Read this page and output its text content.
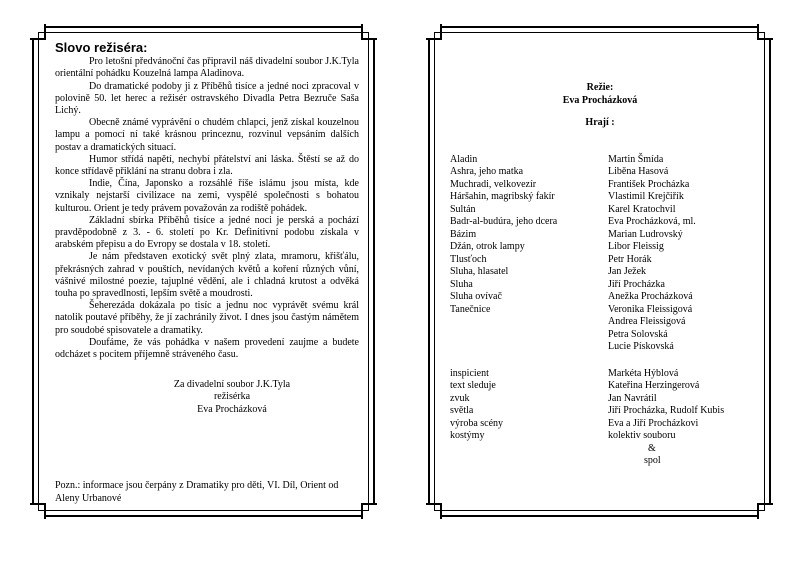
Slovo režiséra:

Pro letošní předvánoční čas připravil náš divadelní soubor J.K.Tyla orientální pohádku Kouzelná lampa Aladinova.

Do dramatické podoby ji z Příběhů tisíce a jedné noci zpracoval v polovině 50. let herec a režisér ostravského Divadla Petra Bezruče Saša Lichý.

Obecně známé vyprávění o chudém chlapci, jenž získal kouzelnou lampu a pomocí ní také krásnou princeznu, rozvinul vepsáním dalších postav a dramatických situací.

Humor střídá napětí, nechybí přátelství ani láska. Štěstí se až do konce střídavě přiklání na stranu dobra i zla.

Indie, Čína, Japonsko a rozsáhlé říše islámu jsou místa, kde vznikaly nejstarší civilizace na zemi, vyspělé společnosti s bohatou kulturou. Orient je tedy právem považován za rodiště pohádek.

Základní sbírka Příběhů tisíce a jedné noci je perská a pochází pravděpodobně z 3. - 6. století po Kr. Definitivní podobu získala v arabském přepisu a do Evropy se dostala v 18. století.

Je nám představen exotický svět plný zlata, mramoru, křišťálu, překrásných zahrad v pouštích, nevídaných květů a koření různých vůní, vášnivé milostné poezie, tajuplné vědění, ale i chladná krutost a odvěká touha po spravedlnosti, lepším světě a moudrosti.

Šeherezáda dokázala po tisíc a jednu noc vyprávět svému král natolik poutavé příběhy, že jí zachránily život. I dnes jsou častým námětem pro soudobé spisovatele a dramatiky.

Doufáme, že vás pohádka v našem provedení zaujme a budete odcházet s pocitem příjemně stráveného času.

Za divadelní soubor J.K.Tyla
režisérka
Eva Procházková
Pozn.: informace jsou čerpány z Dramatiky pro děti, VI. Díl, Orient od Aleny Urbanové
Režie:
Eva Procházková
Hrají :
Aladin	Martin Šmída
Ashra, jeho matka	Liběna Hasová
Muchradi, velkovezír	František Procházka
Háršahin, magribský fakír	Vlastimil Krejčiřík
Sultán	Karel Kratochvil
Badr-al-budúra, jeho dcera	Eva Procházková, ml.
Bázim	Marian Ludrovský
Džán, otrok lampy	Libor Fleissig
Tlusťoch	Petr Horák
Sluha, hlasatel	Jan Ježek
Sluha	Jiří Procházka
Sluha ovívač	Anežka Procházková
Tanečnice	Veronika Fleissigová
Andrea Fleissigová
Petra Solovská
Lucie Pískovská
inspicient	Markéta Hýblová
text sleduje	Kateřina Herzingerová
zvuk	Jan Navrátil
světla	Jiří Procházka, Rudolf Kubis
výroba scény	Eva a Jiří Procházkovi
kostýmy	kolektiv souboru
&
spol
